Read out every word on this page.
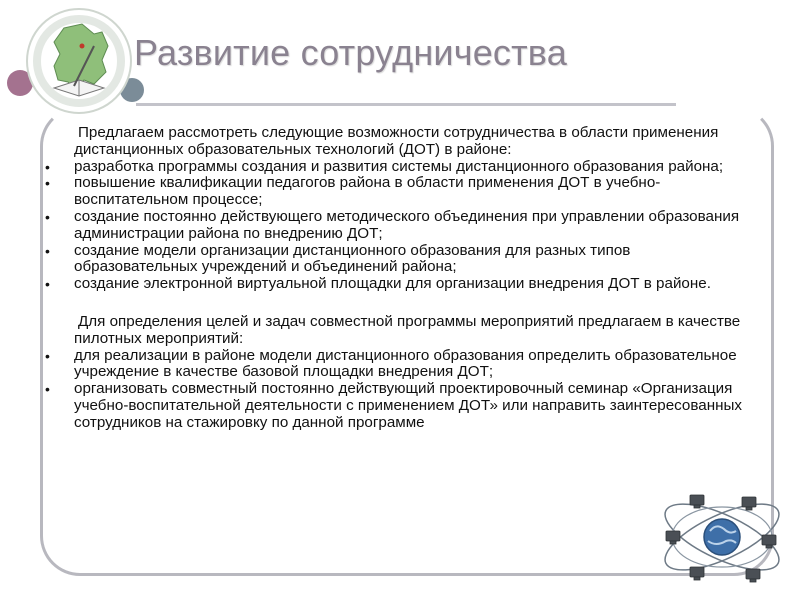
Развитие сотрудничества

Предлагаем рассмотреть следующие возможности сотрудничества в области применения дистанционных образовательных технологий (ДОТ) в районе:

разработка программы создания и развития системы дистанционного образования района;
повышение квалификации педагогов района в области применения ДОТ в учебно-воспитательном процессе;
создание постоянно действующего методического объединения при управлении образования администрации района по внедрению ДОТ;
создание модели организации дистанционного образования для разных типов образовательных учреждений и объединений района;
создание электронной виртуальной площадки для организации внедрения ДОТ в районе.

Для определения целей и задач совместной программы мероприятий предлагаем в качестве пилотных мероприятий:

для реализации в районе модели дистанционного образования определить образовательное учреждение в качестве базовой площадки внедрения ДОТ;
организовать совместный постоянно действующий проектировочный семинар «Организация учебно-воспитательной деятельности с применением ДОТ» или направить заинтересованных сотрудников на стажировку по данной программе
